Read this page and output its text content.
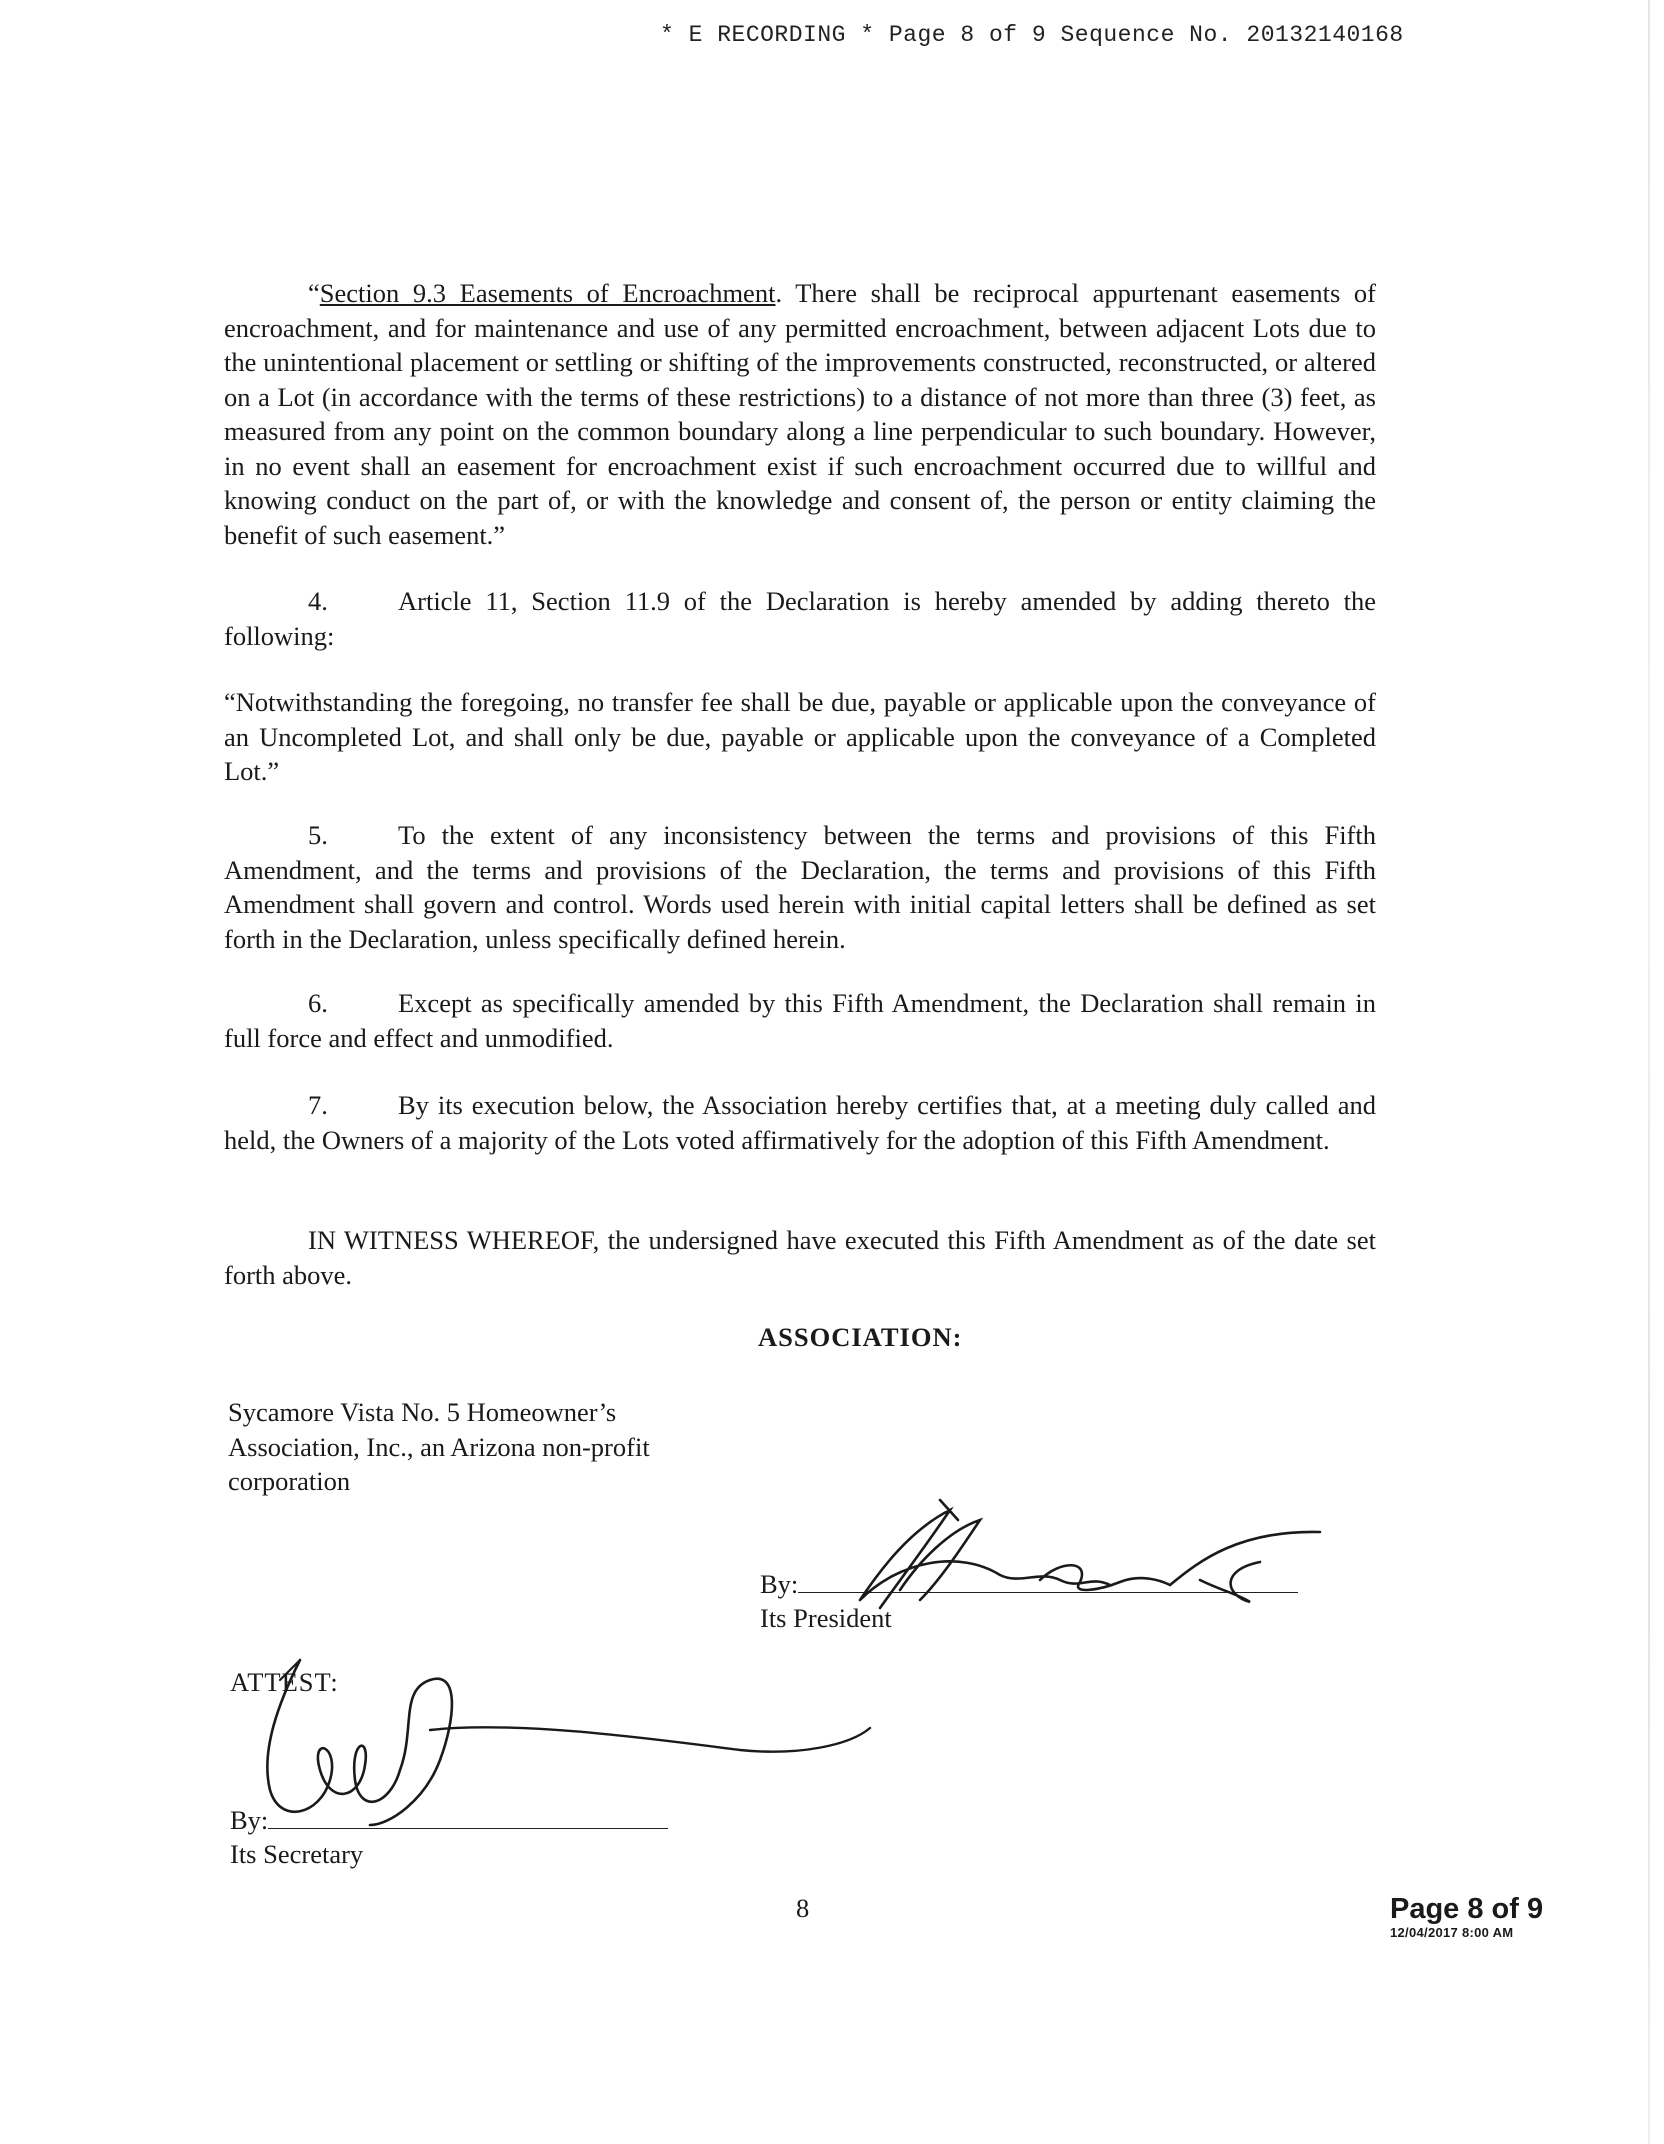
* E RECORDING * Page 8 of 9 Sequence No. 20132140168

“Section 9.3 Easements of Encroachment. There shall be reciprocal appurtenant easements of encroachment, and for maintenance and use of any permitted encroachment, between adjacent Lots due to the unintentional placement or settling or shifting of the improvements constructed, reconstructed, or altered on a Lot (in accordance with the terms of these restrictions) to a distance of not more than three (3) feet, as measured from any point on the common boundary along a line perpendicular to such boundary. However, in no event shall an easement for encroachment exist if such encroachment occurred due to willful and knowing conduct on the part of, or with the knowledge and consent of, the person or entity claiming the benefit of such easement.”

4.	Article 11, Section 11.9 of the Declaration is hereby amended by adding thereto the following:

“Notwithstanding the foregoing, no transfer fee shall be due, payable or applicable upon the conveyance of an Uncompleted Lot, and shall only be due, payable or applicable upon the conveyance of a Completed Lot.”

5.	To the extent of any inconsistency between the terms and provisions of this Fifth Amendment, and the terms and provisions of the Declaration, the terms and provisions of this Fifth Amendment shall govern and control. Words used herein with initial capital letters shall be defined as set forth in the Declaration, unless specifically defined herein.

6.	Except as specifically amended by this Fifth Amendment, the Declaration shall remain in full force and effect and unmodified.

7.	By its execution below, the Association hereby certifies that, at a meeting duly called and held, the Owners of a majority of the Lots voted affirmatively for the adoption of this Fifth Amendment.

IN WITNESS WHEREOF, the undersigned have executed this Fifth Amendment as of the date set forth above.

ASSOCIATION:
Sycamore Vista No. 5 Homeowner’s
Association, Inc., an Arizona non-profit
corporation
By:
Its President
ATTEST:
By:
Its Secretary
8	Page 8 of 9
12/04/2017 8:00 AM
